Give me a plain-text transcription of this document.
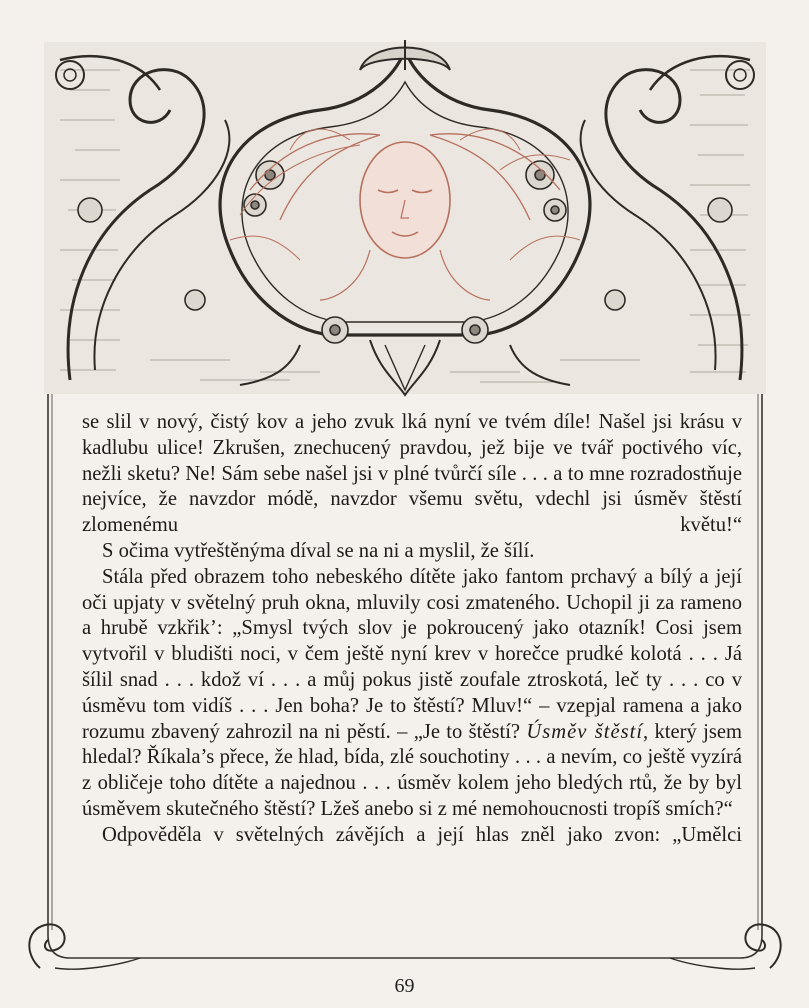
se slil v nový, čistý kov a jeho zvuk lká nyní ve tvém díle! Našel jsi krásu v kadlubu ulice! Zkrušen, znechucený pravdou, jež bije ve tvář poctivého víc, nežli sketu? Ne! Sám sebe našel jsi v plné tvůrčí síle . . . a to mne rozradostňuje nejvíce, že navzdor módě, navzdor všemu světu, vdechl jsi úsměv štěstí zlomenému květu!“

S očima vytřeštěnýma díval se na ni a myslil, že šílí.

Stála před obrazem toho nebeského dítěte jako fantom prchavý a bílý a její oči upjaty v světelný pruh okna, mluvily cosi zmateného. Uchopil ji za rameno a hrubě vzkřik’: „Smysl tvých slov je pokroucený jako otazník! Cosi jsem vytvořil v bludišti noci, v čem ještě nyní krev v horečce prudké kolotá . . . Já šílil snad . . . kdož ví . . . a můj pokus jistě zoufale ztroskotá, leč ty . . . co v úsměvu tom vidíš . . . Jen boha? Je to štěstí? Mluv!“ – vzepjal ramena a jako rozumu zbavený zahrozil na ni pěstí. – „Je to štěstí? Úsměv štěstí, který jsem hledal? Říkala’s přece, že hlad, bída, zlé souchotiny . . . a nevím, co ještě vyzírá z obličeje toho dítěte a najednou . . . úsměv kolem jeho bledých rtů, že by byl úsměvem skutečného štěstí? Lžeš anebo si z mé nemohoucnosti tropíš smích?“

Odpověděla v světelných závějích a její hlas zněl jako zvon: „Umělci

69
